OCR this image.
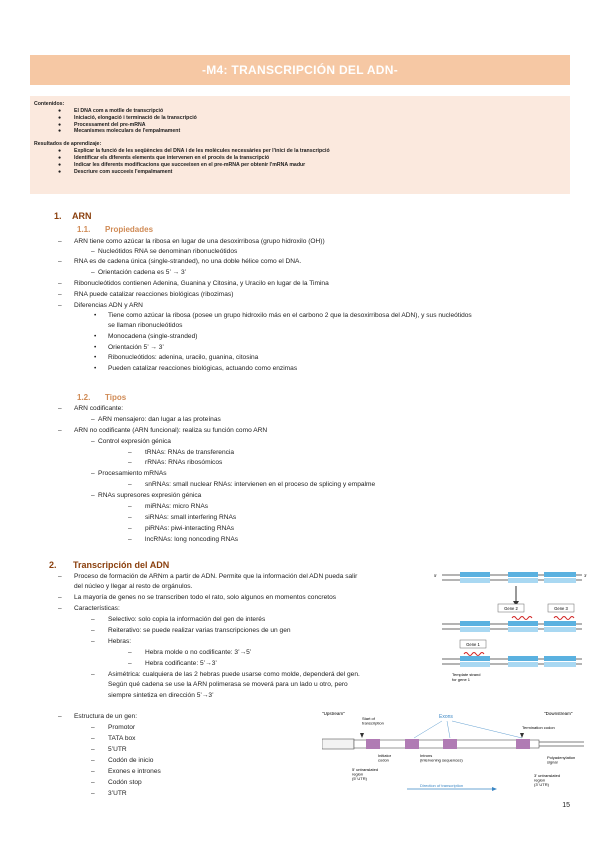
-M4: TRANSCRIPCIÓN DEL ADN-
Contenidos:
● El DNA com a motlle de transcripció
● Iniciació, elongació i terminació de la transcripció
● Processament del pre-mRNA
● Mecanismes moleculars de l'empalmament
Resultados de aprendizaje:
● Explicar la funció de les seqüències del DNA i de les molècules necessàries per l'inici de la transcripció
● Identificar els diferents elements que intervenen en el procés de la transcripció
● Indicar les diferents modificacions que succeeixen en el pre-mRNA per obtenir l'mRNA madur
● Descriure com succeeix l'empalmament
1. ARN
1.1. Propiedades
– ARN tiene como azúcar la ribosa en lugar de una desoxirribosa (grupo hidroxilo (OH))
– Nucleótidos RNA se denominan ribonucleótidos
– RNA es de cadena única (single-stranded), no una doble hélice como el DNA.
– Orientación cadena es 5’ → 3’
– Ribonucleótidos contienen Adenina, Guanina y Citosina, y Uracilo en lugar de la Timina
– RNA puede catalizar reacciones biológicas (ribozimas)
– Diferencias ADN y ARN
• Tiene como azúcar la ribosa (posee un grupo hidroxilo más en el carbono 2 que la desoxirribosa del ADN), y sus nucleótidos
se llaman ribonucleótidos
• Monocadena (single-stranded)
• Orientación 5’ → 3’
• Ribonucleótidos: adenina, uracilo, guanina, citosina
• Pueden catalizar reacciones biológicas, actuando como enzimas
1.2. Tipos
– ARN codificante:
– ARN mensajero: dan lugar a las proteínas
– ARN no codificante (ARN funcional): realiza su función como ARN
– Control expresión génica
– tRNAs: RNAs de transferencia
– rRNAs: RNAs ribosómicos
– Procesamiento mRNAs
– snRNAs: small nuclear RNAs: intervienen en el proceso de splicing y empalme
– RNAs supresores expresión génica
– miRNAs: micro RNAs
– siRNAs: small interfering RNAs
– piRNAs: piwi-interacting RNAs
– lncRNAs: long noncoding RNAs
2. Transcripción del ADN
– Proceso de formación de ARNm a partir de ADN. Permite que la información del ADN pueda salir
del núcleo y llegar al resto de orgánulos.
– La mayoría de genes no se transcriben todo el rato, solo algunos en momentos concretos
– Características:
– Selectivo: solo copia la información del gen de interés
– Reiterativo: se puede realizar varias transcripciones de un gen
– Hebras:
– Hebra molde o no codificante: 3’→5’
– Hebra codificante: 5’→3’
– Asimétrica: cualquiera de las 2 hebras puede usarse como molde, dependerá del gen.
Según qué cadena se use la ARN polimerasa se moverá para un lado u otro, pero
siempre sintetiza en dirección 5’→3’
– Estructura de un gen:
– Promotor
– TATA box
– 5’UTR
– Codón de inicio
– Exones e intrones
– Codón stop
– 3’UTR
Gene 2	Gene 3
Gene 1
5’	3’
Template strand for gene 1
"Upstream"	"Downstream"
Exons
Start of transcription
Termination codon
Initiator codon
Introns (intervening sequences)
5’ untranslated region (5’ UTR)
Polyadenylation signal
3’ untranslated region (3’ UTR)
Direction of transcription
15
